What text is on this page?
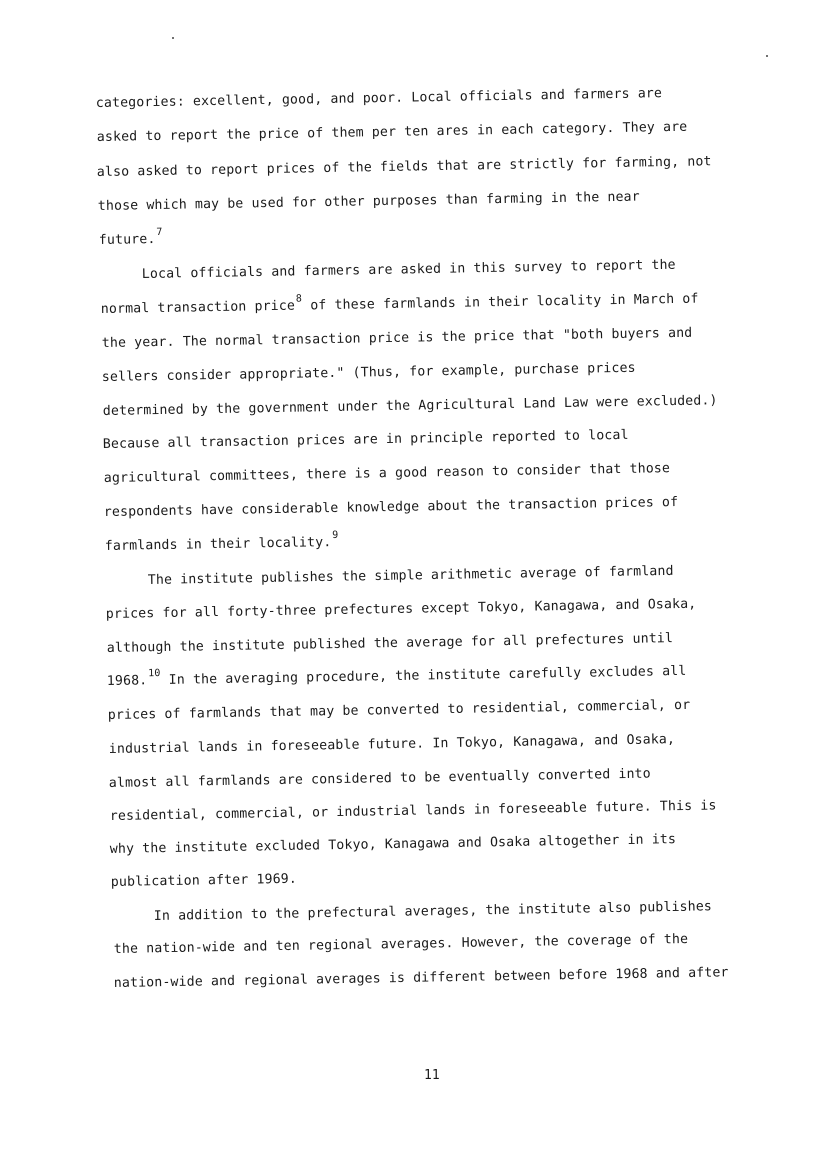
categories: excellent, good, and poor. Local officials and farmers are
asked to report the price of them per ten ares in each category. They are
also asked to report prices of the fields that are strictly for farming, not
those which may be used for other purposes than farming in the near
future.$^7$
Local officials and farmers are asked in this survey to report the
normal transaction price$^8$ of these farmlands in their locality in March of
the year. The normal transaction price is the price that "both buyers and
sellers consider appropriate." (Thus, for example, purchase prices
determined by the government under the Agricultural Land Law were excluded.)
Because all transaction prices are in principle reported to local
agricultural committees, there is a good reason to consider that those
respondents have considerable knowledge about the transaction prices of
farmlands in their locality.$^9$
The institute publishes the simple arithmetic average of farmland
prices for all forty-three prefectures except Tokyo, Kanagawa, and Osaka,
although the institute published the average for all prefectures until
1968.10 In the averaging procedure, the institute carefully excludes all
prices of farmlands that may be converted to residential, commercial, or
industrial lands in foreseeable future. In Tokyo, Kanagawa, and Osaka,
almost all farmlands are considered to be eventually converted into
residential, commercial, or industrial lands in foreseeable future. This is
why the institute excluded Tokyo, Kanagawa and Osaka altogether in its
publication after 1969.
In addition to the prefectural averages, the institute also publishes
the nation-wide and ten regional averages. However, the coverage of the
nation-wide and regional averages is different between before 1968 and after
11
